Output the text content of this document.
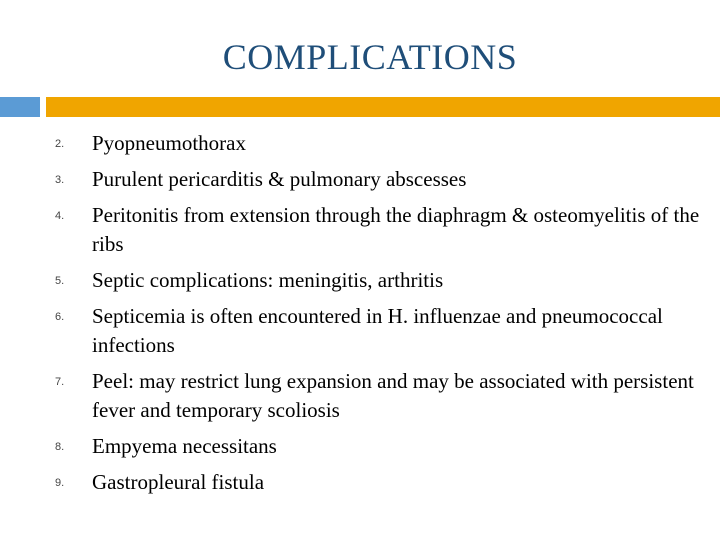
COMPLICATIONS
2. Pyopneumothorax
3. Purulent pericarditis & pulmonary abscesses
4. Peritonitis from extension through the diaphragm & osteomyelitis of the ribs
5. Septic complications: meningitis, arthritis
6. Septicemia is often encountered in H. influenzae and pneumococcal infections
7. Peel: may restrict lung expansion and may be associated with persistent fever and temporary scoliosis
8. Empyema necessitans
9. Gastropleural fistula
